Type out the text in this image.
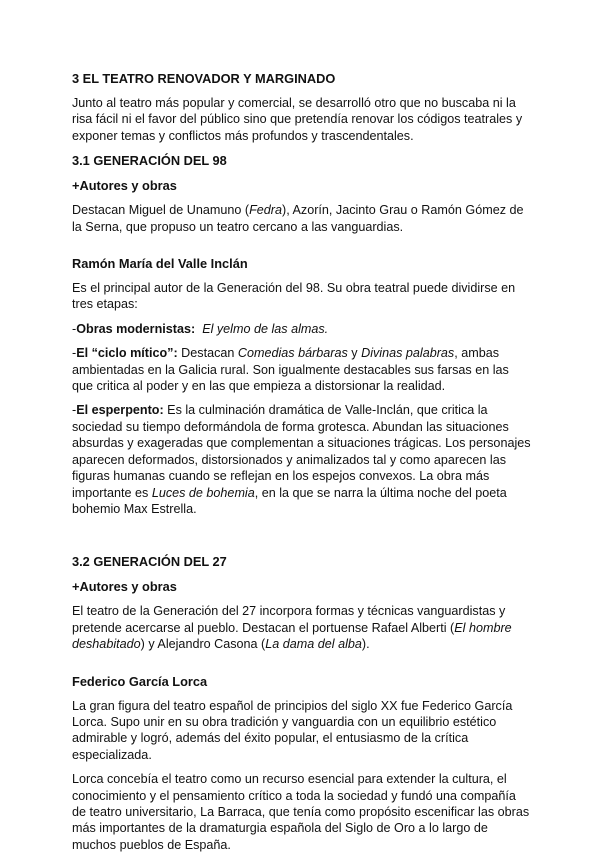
3 EL TEATRO RENOVADOR Y MARGINADO

Junto al teatro más popular y comercial, se desarrolló otro que no buscaba ni la risa fácil ni el favor del público sino que pretendía renovar los códigos teatrales y exponer temas y conflictos más profundos y trascendentales.

3.1 GENERACIÓN DEL 98
+Autores y obras

Destacan Miguel de Unamuno (Fedra), Azorín, Jacinto Grau o Ramón Gómez de la Serna, que propuso un teatro cercano a las vanguardias.

Ramón María del Valle Inclán

Es el principal autor de la Generación del 98. Su obra teatral puede dividirse en tres etapas:

-Obras modernistas: El yelmo de las almas.

-El “ciclo mítico”: Destacan Comedias bárbaras y Divinas palabras, ambas ambientadas en la Galicia rural. Son igualmente destacables sus farsas en las que critica al poder y en las que empieza a distorsionar la realidad.

-El esperpento: Es la culminación dramática de Valle-Inclán, que critica la sociedad su tiempo deformándola de forma grotesca. Abundan las situaciones absurdas y exageradas que complementan a situaciones trágicas. Los personajes aparecen deformados, distorsionados y animalizados tal y como aparecen las figuras humanas cuando se reflejan en los espejos convexos. La obra más importante es Luces de bohemia, en la que se narra la última noche del poeta bohemio Max Estrella.

3.2 GENERACIÓN DEL 27
+Autores y obras

El teatro de la Generación del 27 incorpora formas y técnicas vanguardistas y pretende acercarse al pueblo. Destacan el portuense Rafael Alberti (El hombre deshabitado) y Alejandro Casona (La dama del alba).

Federico García Lorca

La gran figura del teatro español de principios del siglo XX fue Federico García Lorca. Supo unir en su obra tradición y vanguardia con un equilibrio estético admirable y logró, además del éxito popular, el entusiasmo de la crítica especializada.

Lorca concebía el teatro como un recurso esencial para extender la cultura, el conocimiento y el pensamiento crítico a toda la sociedad y fundó una compañía de teatro universitario, La Barraca, que tenía como propósito escenificar las obras más importantes de la dramaturgia española del Siglo de Oro a lo largo de muchos pueblos de España.
